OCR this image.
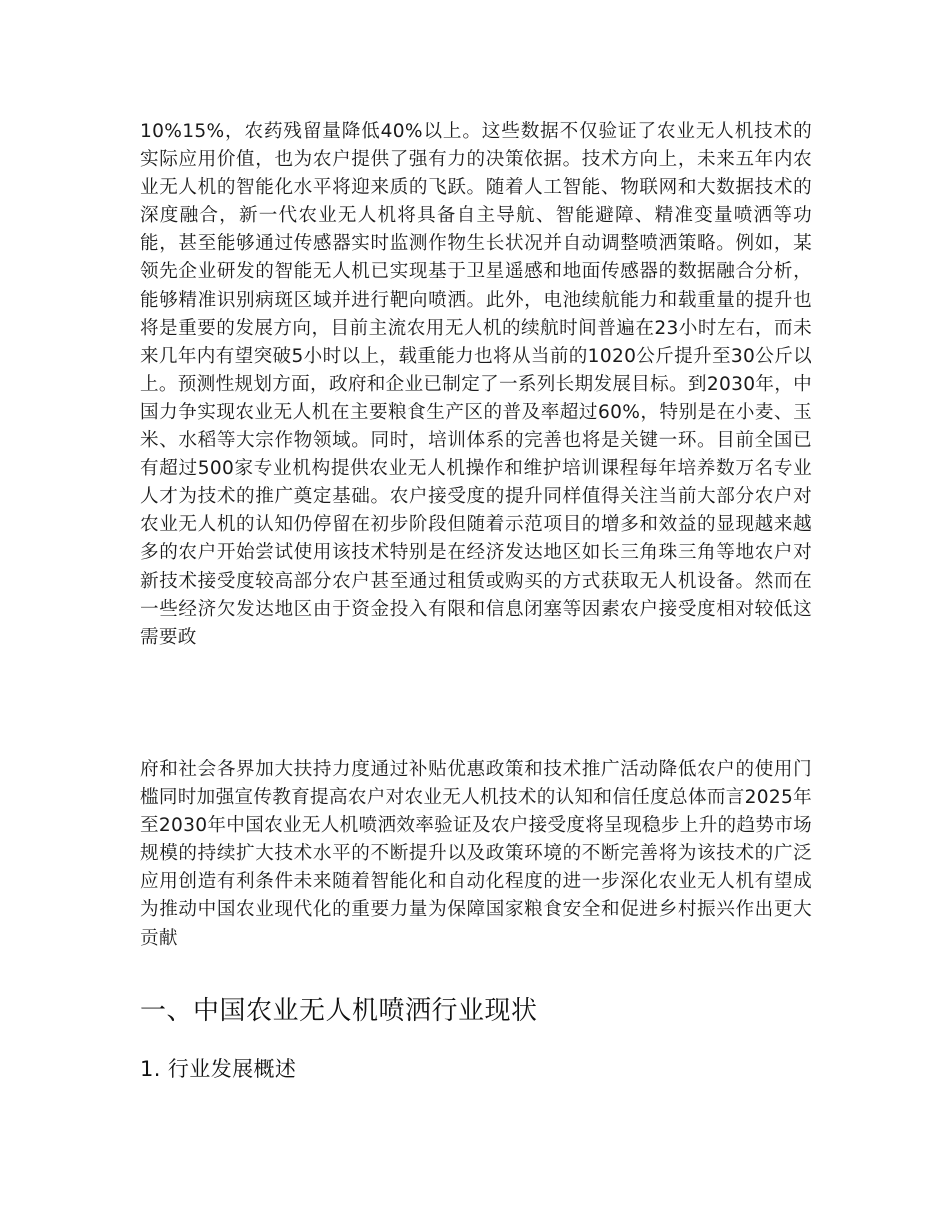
10%15%，农药残留量降低40%以上。这些数据不仅验证了农业无人机技术的实际应用价值，也为农户提供了强有力的决策依据。技术方向上，未来五年内农业无人机的智能化水平将迎来质的飞跃。随着人工智能、物联网和大数据技术的深度融合，新一代农业无人机将具备自主导航、智能避障、精准变量喷洒等功能，甚至能够通过传感器实时监测作物生长状况并自动调整喷洒策略。例如，某领先企业研发的智能无人机已实现基于卫星遥感和地面传感器的数据融合分析，能够精准识别病斑区域并进行靶向喷洒。此外，电池续航能力和载重量的提升也将是重要的发展方向，目前主流农用无人机的续航时间普遍在23小时左右，而未来几年内有望突破5小时以上，载重能力也将从当前的1020公斤提升至30公斤以上。预测性规划方面，政府和企业已制定了一系列长期发展目标。到2030年，中国力争实现农业无人机在主要粮食生产区的普及率超过60%，特别是在小麦、玉米、水稻等大宗作物领域。同时，培训体系的完善也将是关键一环。目前全国已有超过500家专业机构提供农业无人机操作和维护培训课程每年培养数万名专业人才为技术的推广奠定基础。农户接受度的提升同样值得关注当前大部分农户对农业无人机的认知仍停留在初步阶段但随着示范项目的增多和效益的显现越来越多的农户开始尝试使用该技术特别是在经济发达地区如长三角珠三角等地农户对新技术接受度较高部分农户甚至通过租赁或购买的方式获取无人机设备。然而在一些经济欠发达地区由于资金投入有限和信息闭塞等因素农户接受度相对较低这需要政

府和社会各界加大扶持力度通过补贴优惠政策和技术推广活动降低农户的使用门槛同时加强宣传教育提高农户对农业无人机技术的认知和信任度总体而言2025年至2030年中国农业无人机喷洒效率验证及农户接受度将呈现稳步上升的趋势市场规模的持续扩大技术水平的不断提升以及政策环境的不断完善将为该技术的广泛应用创造有利条件未来随着智能化和自动化程度的进一步深化农业无人机有望成为推动中国农业现代化的重要力量为保障国家粮食安全和促进乡村振兴作出更大贡献

一、中国农业无人机喷洒行业现状
1. 行业发展概述
